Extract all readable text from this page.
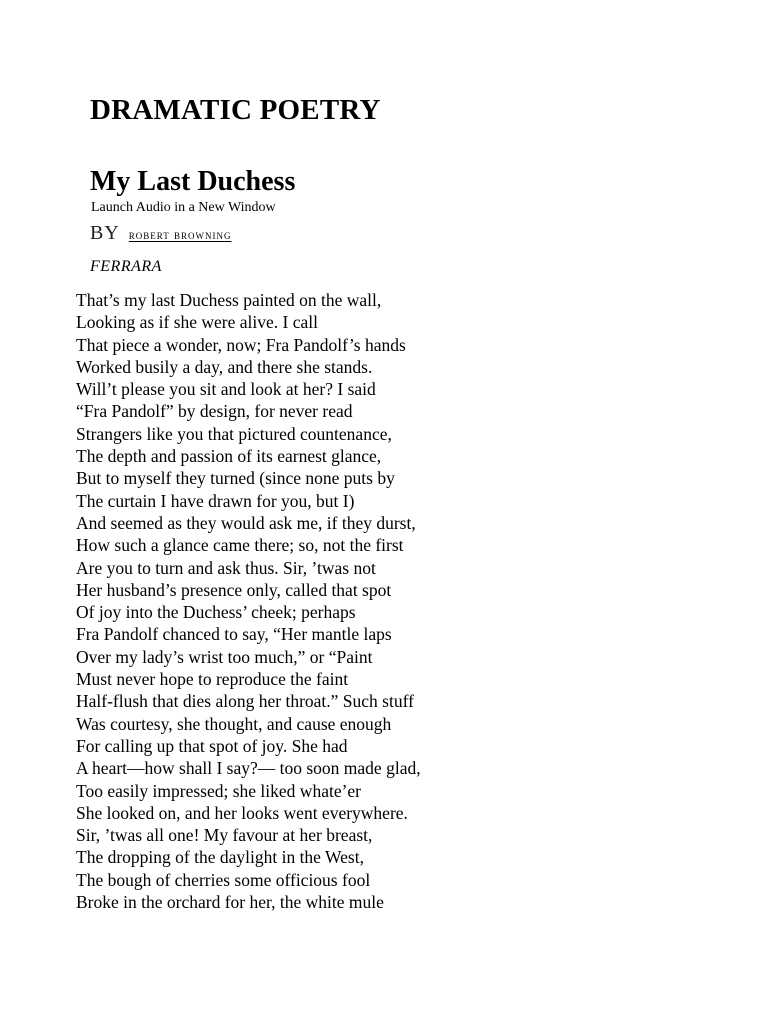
DRAMATIC POETRY
My Last Duchess
Launch Audio in a New Window
BY robert browning
FERRARA
That’s my last Duchess painted on the wall,
Looking as if she were alive. I call
That piece a wonder, now; Fra Pandolf’s hands
Worked busily a day, and there she stands.
Will’t please you sit and look at her? I said
“Fra Pandolf” by design, for never read
Strangers like you that pictured countenance,
The depth and passion of its earnest glance,
But to myself they turned (since none puts by
The curtain I have drawn for you, but I)
And seemed as they would ask me, if they durst,
How such a glance came there; so, not the first
Are you to turn and ask thus. Sir, ’twas not
Her husband’s presence only, called that spot
Of joy into the Duchess’ cheek; perhaps
Fra Pandolf chanced to say, “Her mantle laps
Over my lady’s wrist too much,” or “Paint
Must never hope to reproduce the faint
Half-flush that dies along her throat.” Such stuff
Was courtesy, she thought, and cause enough
For calling up that spot of joy. She had
A heart—how shall I say?— too soon made glad,
Too easily impressed; she liked whate’er
She looked on, and her looks went everywhere.
Sir, ’twas all one! My favour at her breast,
The dropping of the daylight in the West,
The bough of cherries some officious fool
Broke in the orchard for her, the white mule
